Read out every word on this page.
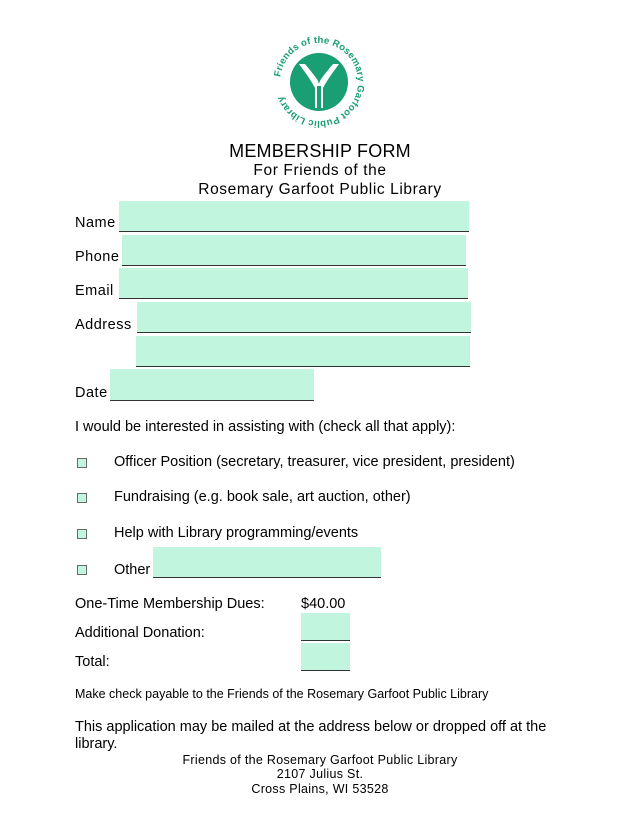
Friends of the Rosemary Garfoot Public Library
MEMBERSHIP FORM
For Friends of the
Rosemary Garfoot Public Library
Name
Phone
Email
Address
Date
I would be interested in assisting with (check all that apply):
Officer Position (secretary, treasurer, vice president, president)
Fundraising (e.g. book sale, art auction, other)
Help with Library programming/events
Other
One-Time Membership Dues:	$40.00
Additional Donation:
Total:
Make check payable to the Friends of the Rosemary Garfoot Public Library
This application may be mailed at the address below or dropped off at the library.
Friends of the Rosemary Garfoot Public Library
2107 Julius St.
Cross Plains, WI 53528
